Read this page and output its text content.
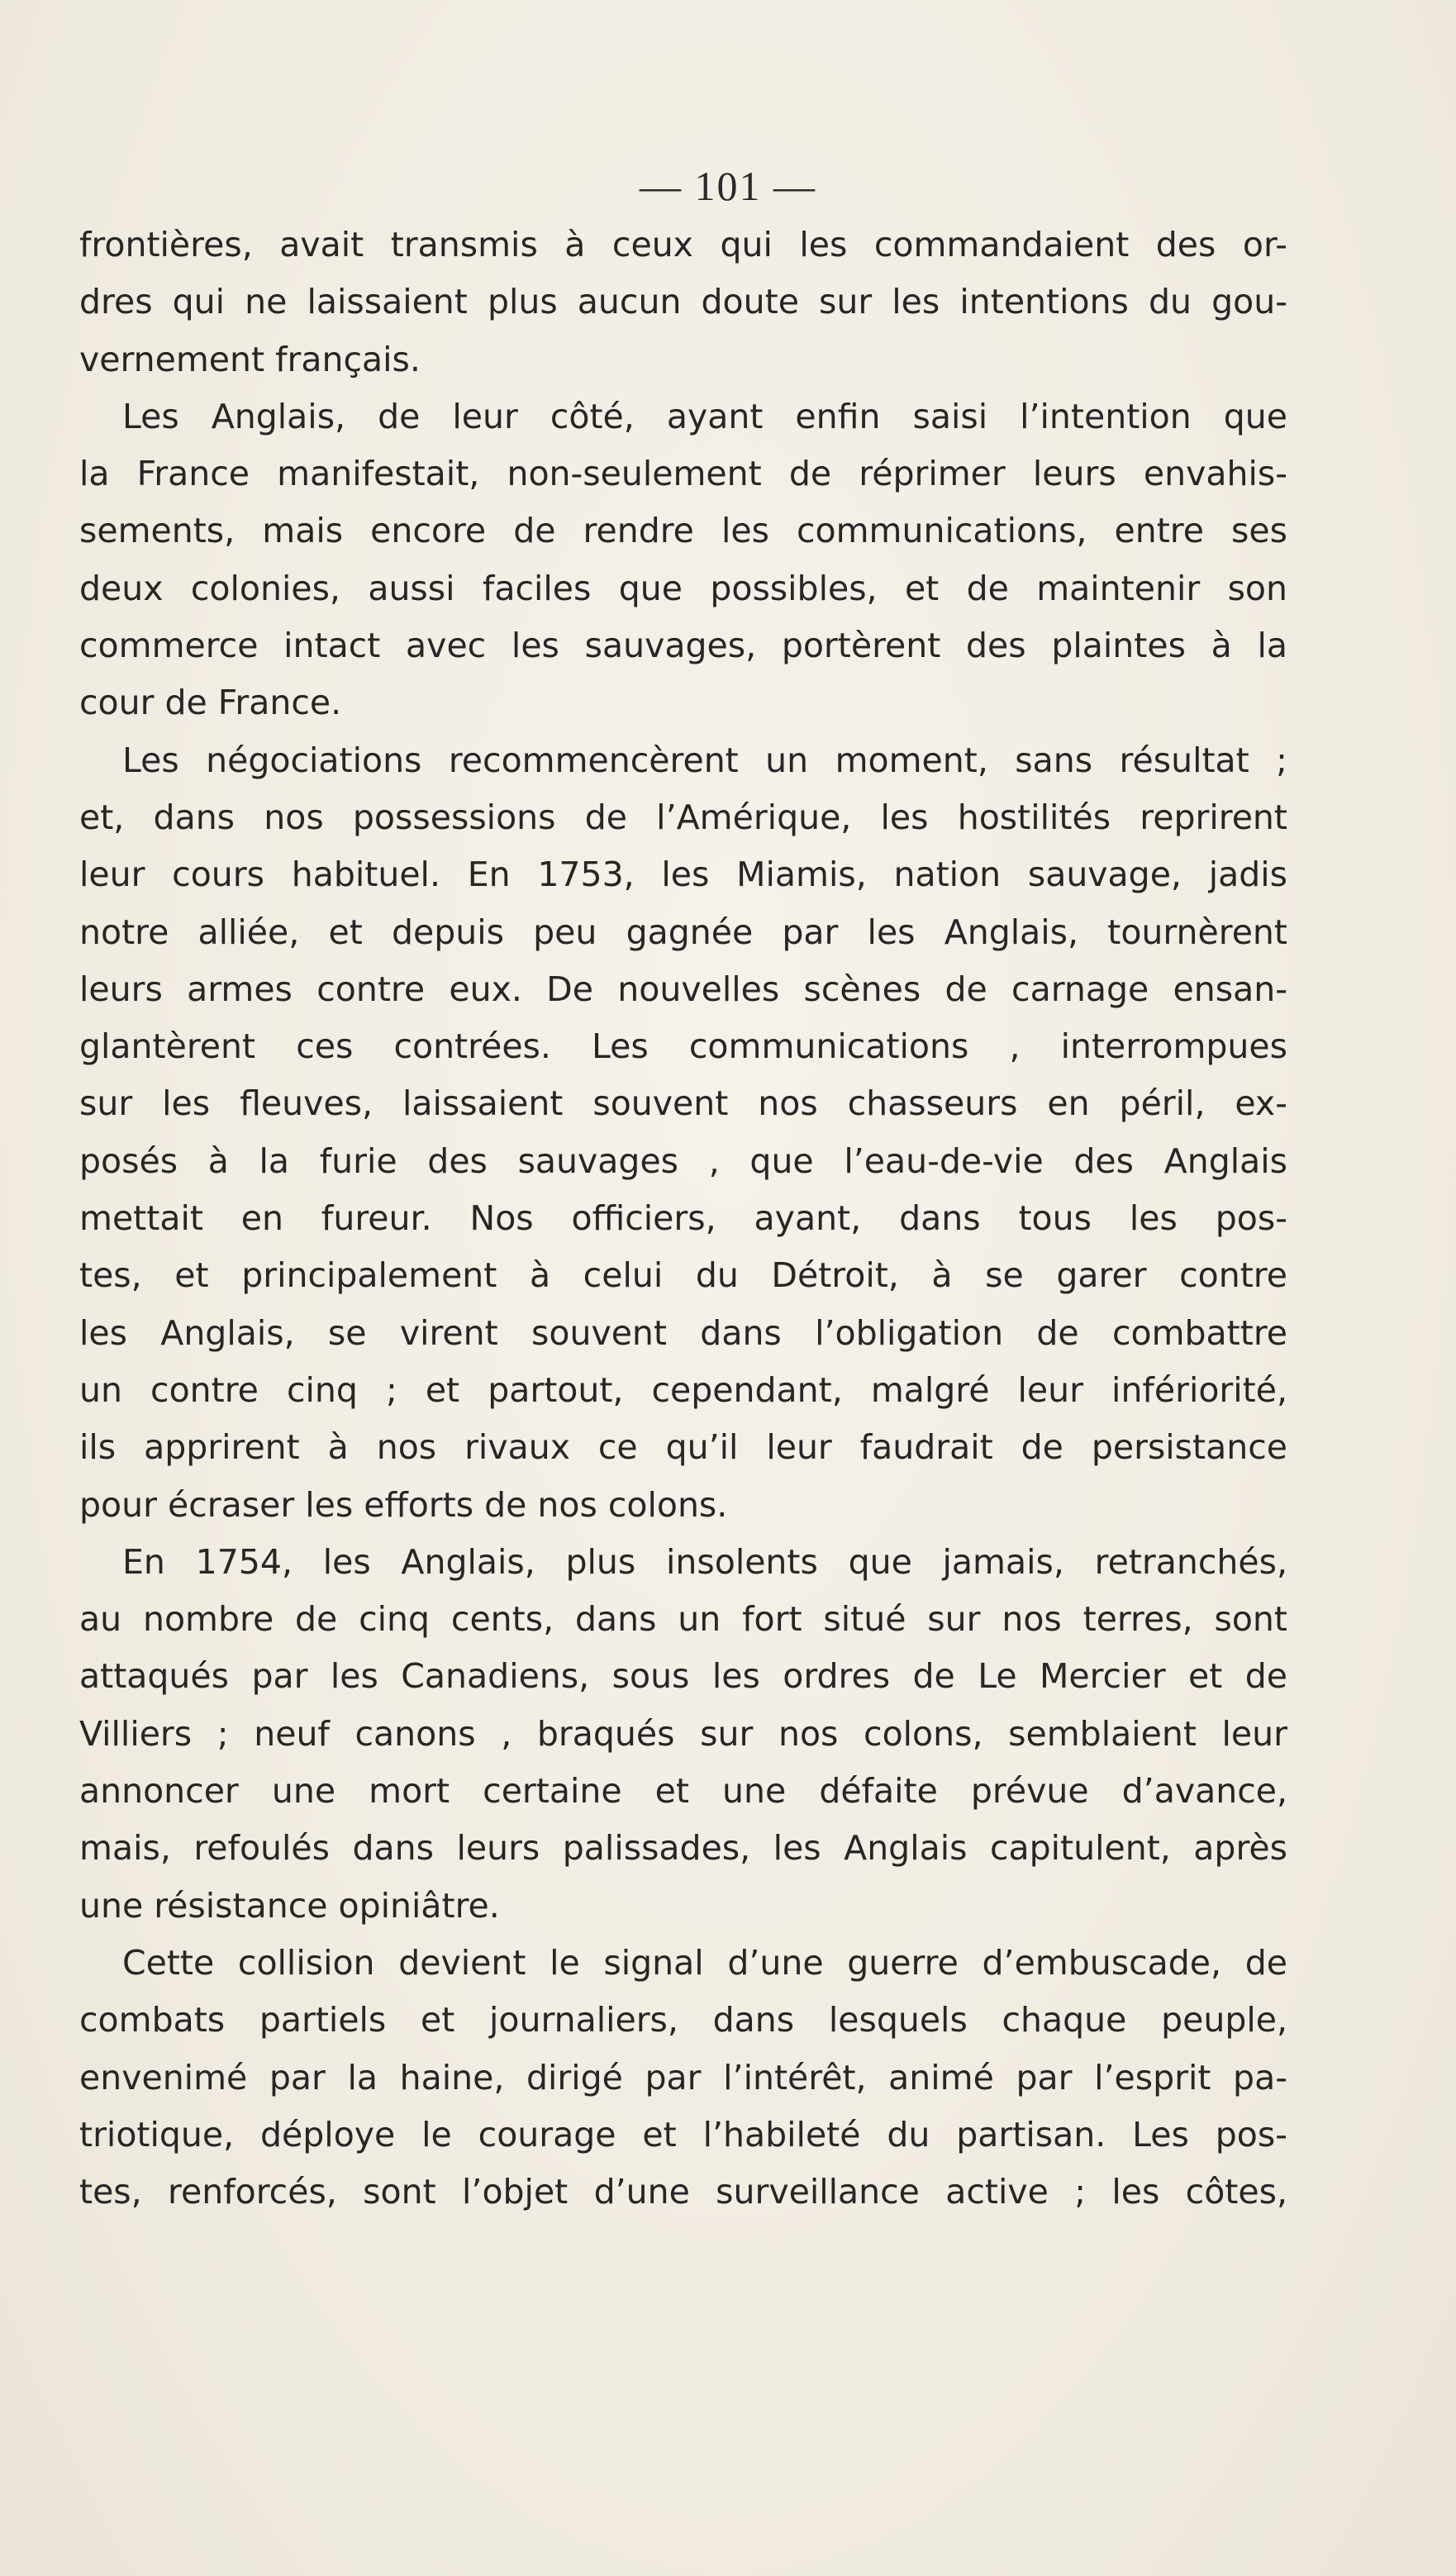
— 101 —
frontières, avait transmis à ceux qui les commandaient des or-
dres qui ne laissaient plus aucun doute sur les intentions du gou-
vernement français.
Les Anglais, de leur côté, ayant enfin saisi l’intention que
la France manifestait, non-seulement de réprimer leurs envahis-
sements, mais encore de rendre les communications, entre ses
deux colonies, aussi faciles que possibles, et de maintenir son
commerce intact avec les sauvages, portèrent des plaintes à la
cour de France.
Les négociations recommencèrent un moment, sans résultat ;
et, dans nos possessions de l’Amérique, les hostilités reprirent
leur cours habituel. En 1753, les Miamis, nation sauvage, jadis
notre alliée, et depuis peu gagnée par les Anglais, tournèrent
leurs armes contre eux. De nouvelles scènes de carnage ensan-
glantèrent ces contrées. Les communications , interrompues
sur les fleuves, laissaient souvent nos chasseurs en péril, ex-
posés à la furie des sauvages , que l’eau-de-vie des Anglais
mettait en fureur. Nos officiers, ayant, dans tous les pos-
tes, et principalement à celui du Détroit, à se garer contre
les Anglais, se virent souvent dans l’obligation de combattre
un contre cinq ; et partout, cependant, malgré leur infériorité,
ils apprirent à nos rivaux ce qu’il leur faudrait de persistance
pour écraser les efforts de nos colons.
En 1754, les Anglais, plus insolents que jamais, retranchés,
au nombre de cinq cents, dans un fort situé sur nos terres, sont
attaqués par les Canadiens, sous les ordres de Le Mercier et de
Villiers ; neuf canons , braqués sur nos colons, semblaient leur
annoncer une mort certaine et une défaite prévue d’avance,
mais, refoulés dans leurs palissades, les Anglais capitulent, après
une résistance opiniâtre.
Cette collision devient le signal d’une guerre d’embuscade, de
combats partiels et journaliers, dans lesquels chaque peuple,
envenimé par la haine, dirigé par l’intérêt, animé par l’esprit pa-
triotique, déploye le courage et l’habileté du partisan. Les pos-
tes, renforcés, sont l’objet d’une surveillance active ; les côtes,
